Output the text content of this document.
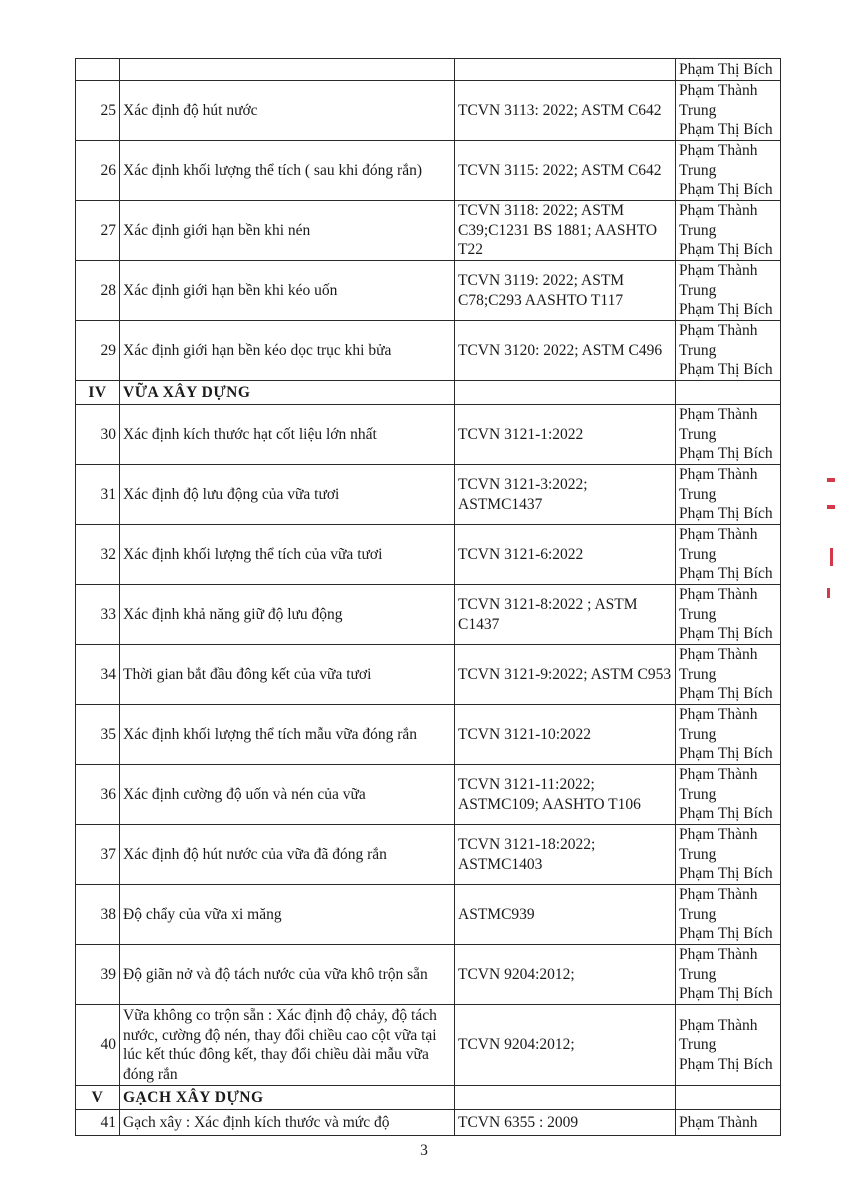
			Phạm Thị Bích

25	Xác định độ hút nước	TCVN 3113: 2022; ASTM C642	Phạm Thành
Trung
Phạm Thị Bích

26	Xác định khối lượng thể tích ( sau khi đóng rắn)	TCVN 3115: 2022; ASTM C642	Phạm Thành
Trung
Phạm Thị Bích

27	Xác định giới hạn bền khi nén	TCVN 3118: 2022; ASTM C39;C1231 BS 1881; AASHTO T22	Phạm Thành
Trung
Phạm Thị Bích

28	Xác định giới hạn bền khi kéo uốn	TCVN 3119: 2022; ASTM C78;C293 AASHTO T117	Phạm Thành
Trung
Phạm Thị Bích

29	Xác định giới hạn bền kéo dọc trục khi bửa	TCVN 3120: 2022; ASTM C496	Phạm Thành
Trung
Phạm Thị Bích

IV	VỮA XÂY DỰNG		
30	Xác định kích thước hạt cốt liệu lớn nhất	TCVN 3121-1:2022	Phạm Thành
Trung
Phạm Thị Bích

31	Xác định độ lưu động của vữa tươi	TCVN 3121-3:2022; ASTMC1437	Phạm Thành
Trung
Phạm Thị Bích

32	Xác định khối lượng thể tích của vữa tươi	TCVN 3121-6:2022	Phạm Thành
Trung
Phạm Thị Bích

33	Xác định khả năng giữ độ lưu động	TCVN 3121-8:2022 ; ASTM C1437	Phạm Thành
Trung
Phạm Thị Bích

34	Thời gian bắt đầu đông kết của vữa tươi	TCVN 3121-9:2022; ASTM C953	Phạm Thành
Trung
Phạm Thị Bích

35	Xác định khối lượng thể tích mẫu vữa đóng rắn	TCVN 3121-10:2022	Phạm Thành
Trung
Phạm Thị Bích

36	Xác định cường độ uốn và nén của vữa	TCVN 3121-11:2022; ASTMC109; AASHTO T106	Phạm Thành
Trung
Phạm Thị Bích

37	Xác định độ hút nước của vữa đã đóng rắn	TCVN 3121-18:2022; ASTMC1403	Phạm Thành
Trung
Phạm Thị Bích

38	Độ chẩy của vữa xi măng	ASTMC939	Phạm Thành
Trung
Phạm Thị Bích

39	Độ giãn nở và độ tách nước của vữa khô trộn sẵn	TCVN 9204:2012;	Phạm Thành
Trung
Phạm Thị Bích

40	Vữa không co trộn sẵn : Xác định độ chảy, độ tách nước, cường độ nén, thay đổi chiều cao cột vữa tại lúc kết thúc đông kết, thay đổi chiều dài mẫu vữa đóng rắn	TCVN 9204:2012;	Phạm Thành
Trung
Phạm Thị Bích

V	GẠCH XÂY DỰNG		
41	Gạch xây : Xác định kích thước và mức độ	TCVN 6355 : 2009	Phạm Thành
3
